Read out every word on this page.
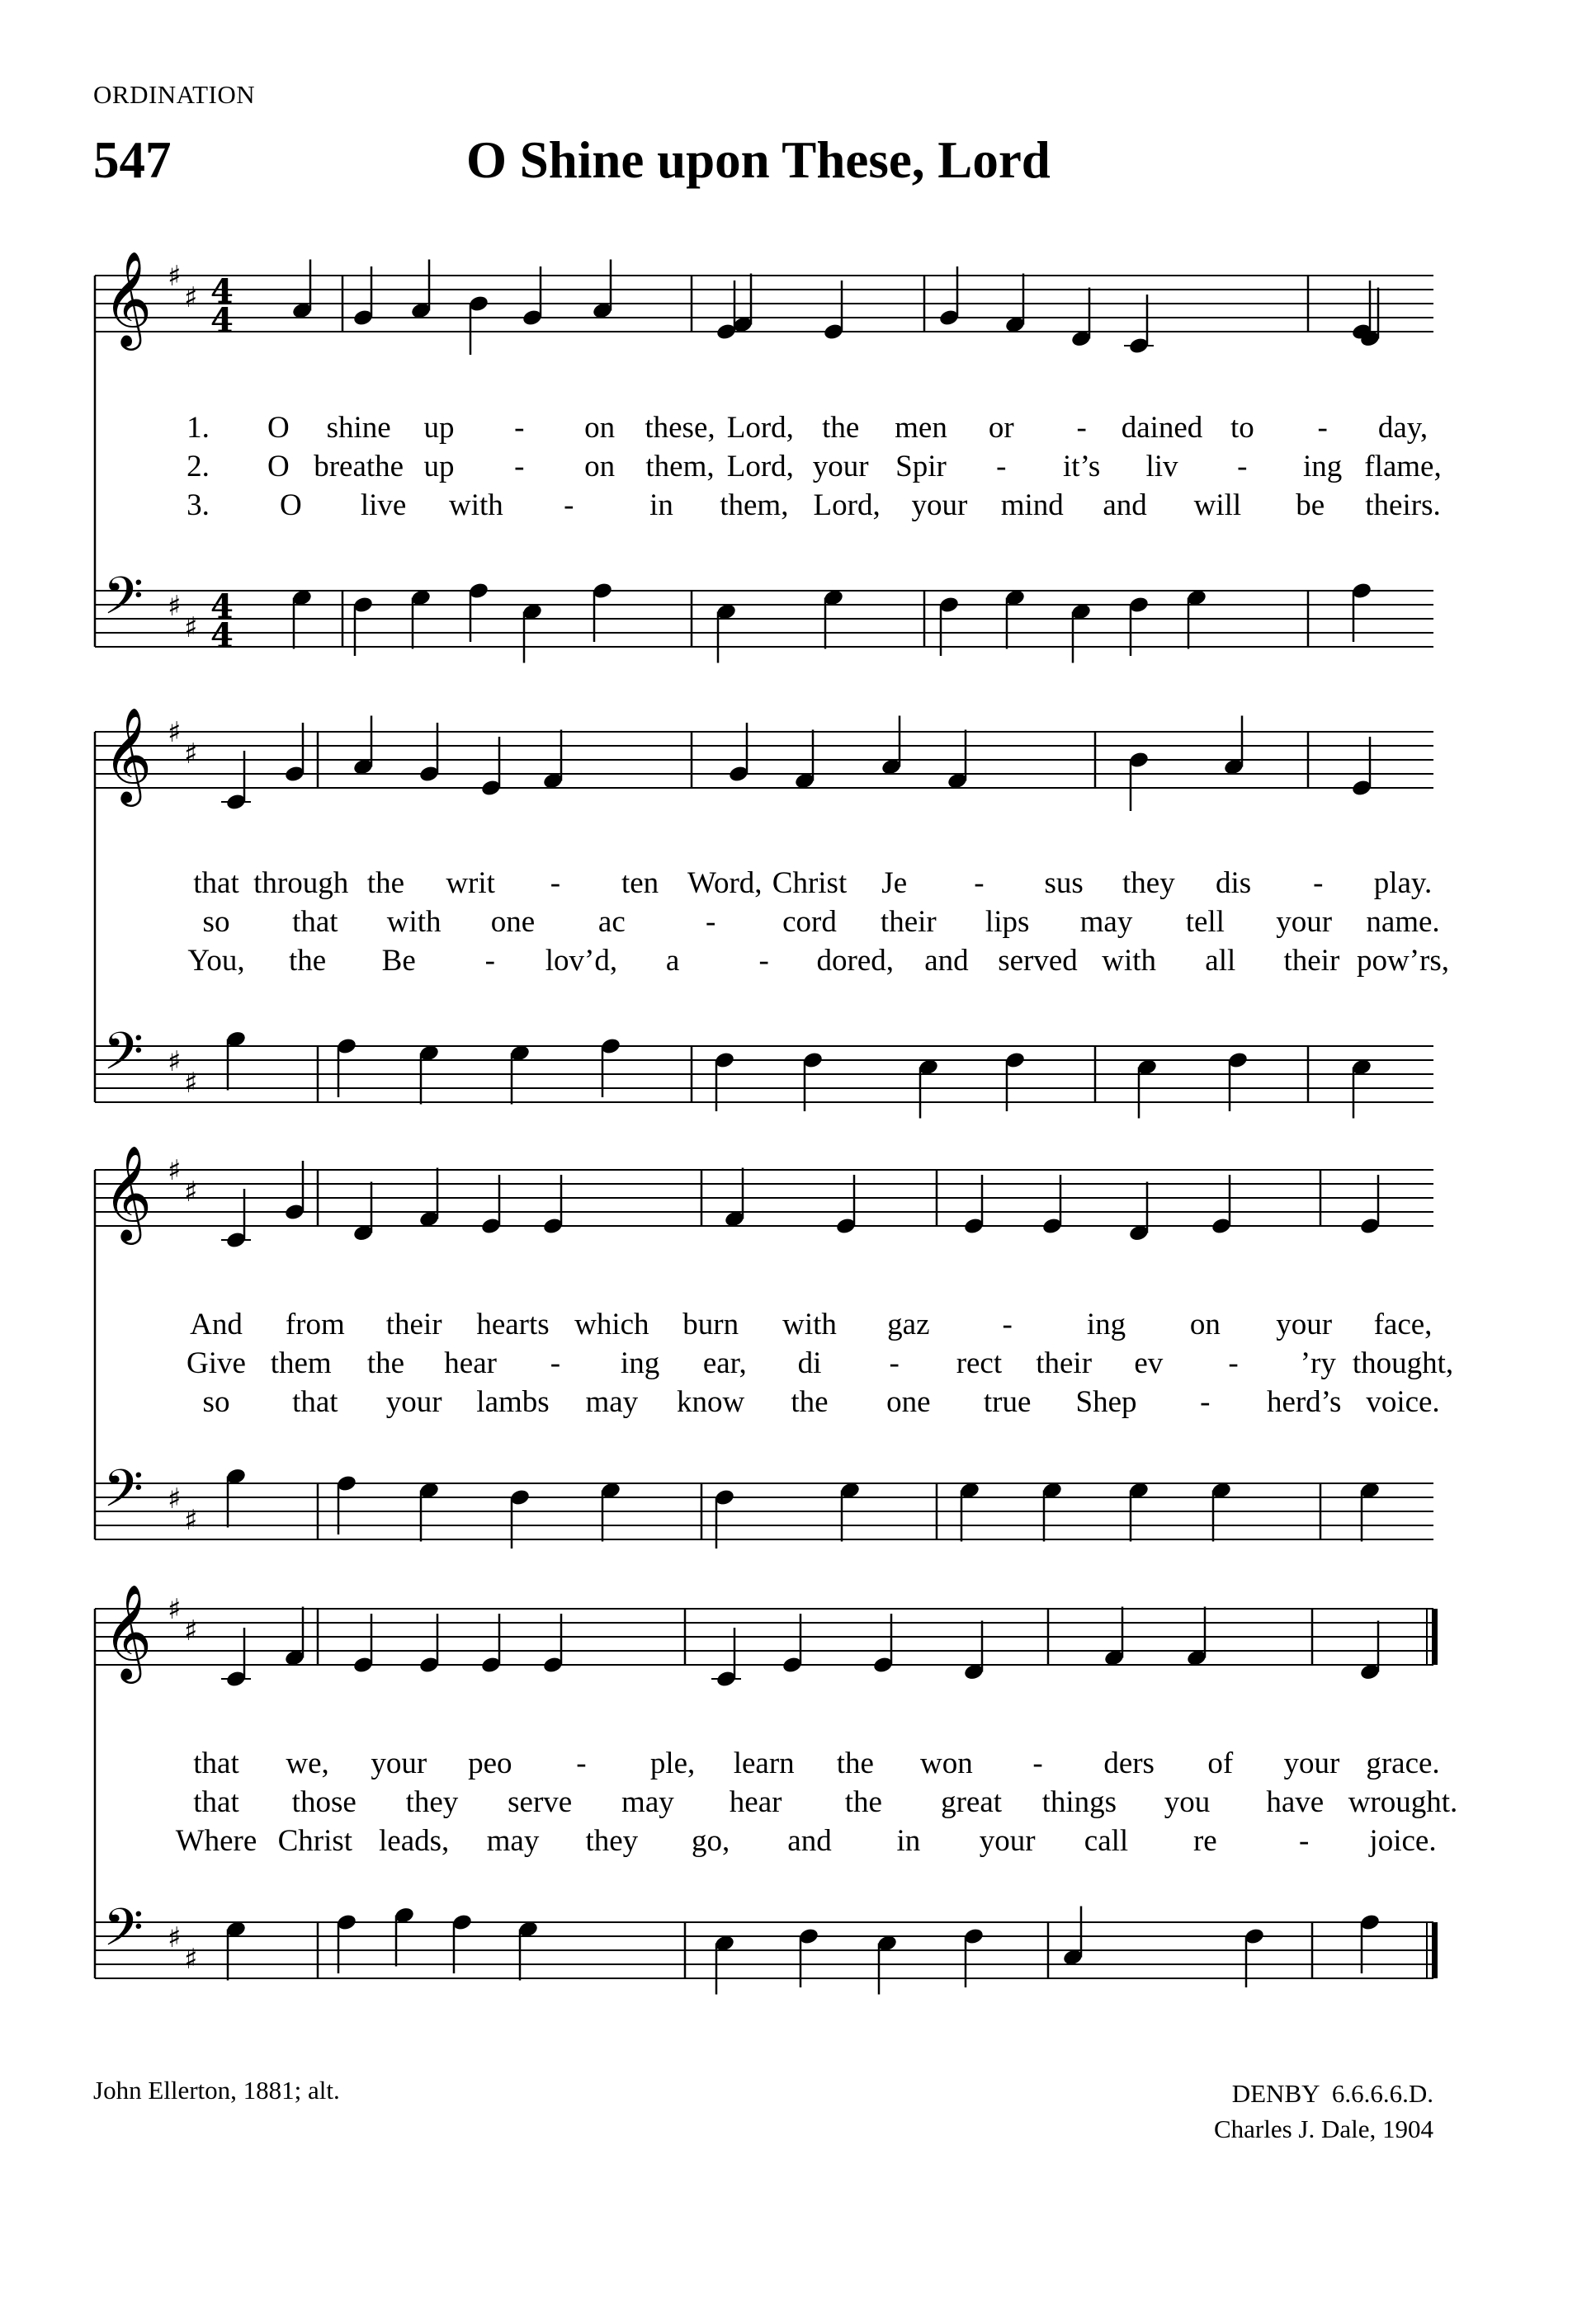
ORDINATION
547	O Shine upon These, Lord
𝄞 ♯
♯ 4
4
𝄢 ♯
♯
4
4
1. O shine up - on these, Lord, the men or - dained to - day,
2. O breathe up - on them, Lord, your Spir - it’s liv - ing flame,
3. O live with - in them, Lord, your mind and will be theirs.
𝄞 ♯
♯
𝄢 ♯
♯
that through the writ - ten Word, Christ Je - sus they dis - play.
so that with one ac	- cord their lips may tell your name.
You, the Be - lov’d, a	- dored, and served with all their pow’rs,
𝄞 ♯
♯
𝄢 ♯
♯
And from their hearts which burn with gaz - ing on your face,
Give them the hear - ing ear, di - rect their ev - ’ry thought,
so that your lambs may know the one true Shep - herd’s voice.
𝄞 ♯
♯
𝄢 ♯
♯
that we, your peo - ple, learn the won - ders of your grace.
that those they serve may hear the great things you have wrought.
Where Christ leads, may they go, and in your call re	- joice.
John Ellerton, 1881; alt.	DENBY  6.6.6.6.D.
Charles J. Dale, 1904
